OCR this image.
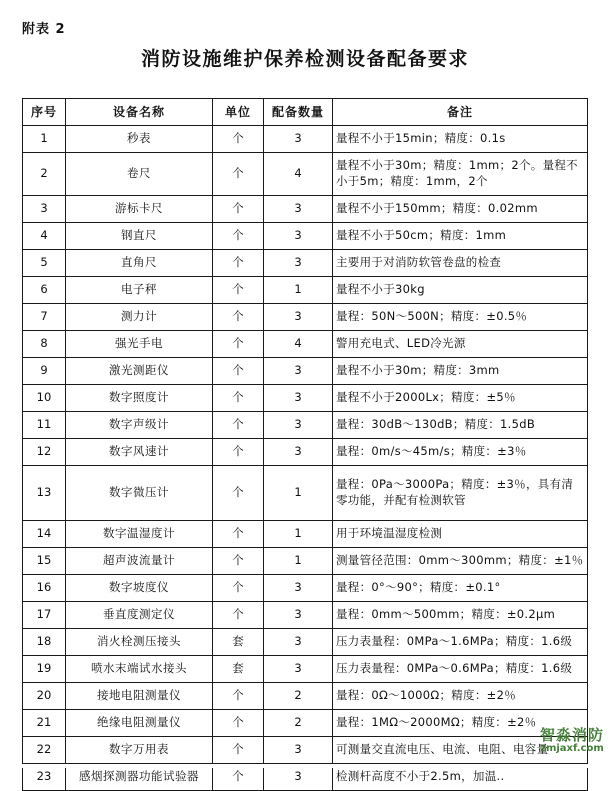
附表 2
消防设施维护保养检测设备配备要求
序号	设备名称	单位	配备数量	备注
1	秒表	个	3	量程不小于15min；精度：0.1s
2	卷尺	个	4	量程不小于30m；精度：1mm；2个。量程不小于5m；精度：1mm，2个
3	游标卡尺	个	3	量程不小于150mm；精度：0.02mm
4	钢直尺	个	3	量程不小于50cm；精度：1mm
5	直角尺	个	3	主要用于对消防软管卷盘的检查
6	电子秤	个	1	量程不小于30kg
7	测力计	个	3	量程：50N～500N；精度：±0.5％
8	强光手电	个	4	警用充电式、LED冷光源
9	激光测距仪	个	3	量程不小于30m；精度：3mm
10	数字照度计	个	3	量程不小于2000Lx；精度：±5％
11	数字声级计	个	3	量程：30dB～130dB；精度：1.5dB
12	数字风速计	个	3	量程：0m/s～45m/s；精度：±3％
13	数字微压计	个	1	量程：0Pa～3000Pa；精度：±3％，具有清零功能，并配有检测软管
14	数字温湿度计	个	1	用于环境温湿度检测
15	超声波流量计	个	1	测量管径范围：0mm～300mm；精度：±1％
16	数字坡度仪	个	3	量程：0°～90°；精度：±0.1°
17	垂直度测定仪	个	3	量程：0mm～500mm；精度：±0.2μm
18	消火栓测压接头	套	3	压力表量程：0MPa～1.6MPa；精度：1.6级
19	喷水末端试水接头	套	3	压力表量程：0MPa～0.6MPa；精度：1.6级
20	接地电阻测量仪	个	2	量程：0Ω～1000Ω；精度：±2％
21	绝缘电阻测量仪	个	2	量程：1MΩ～2000MΩ；精度：±2％
22	数字万用表	个	3	可测量交直流电压、电流、电阻、电容量
23	感烟探测器功能试验器	个	3	检测杆高度不小于2.5m，加温..
智淼消防
zmjaxf.com
